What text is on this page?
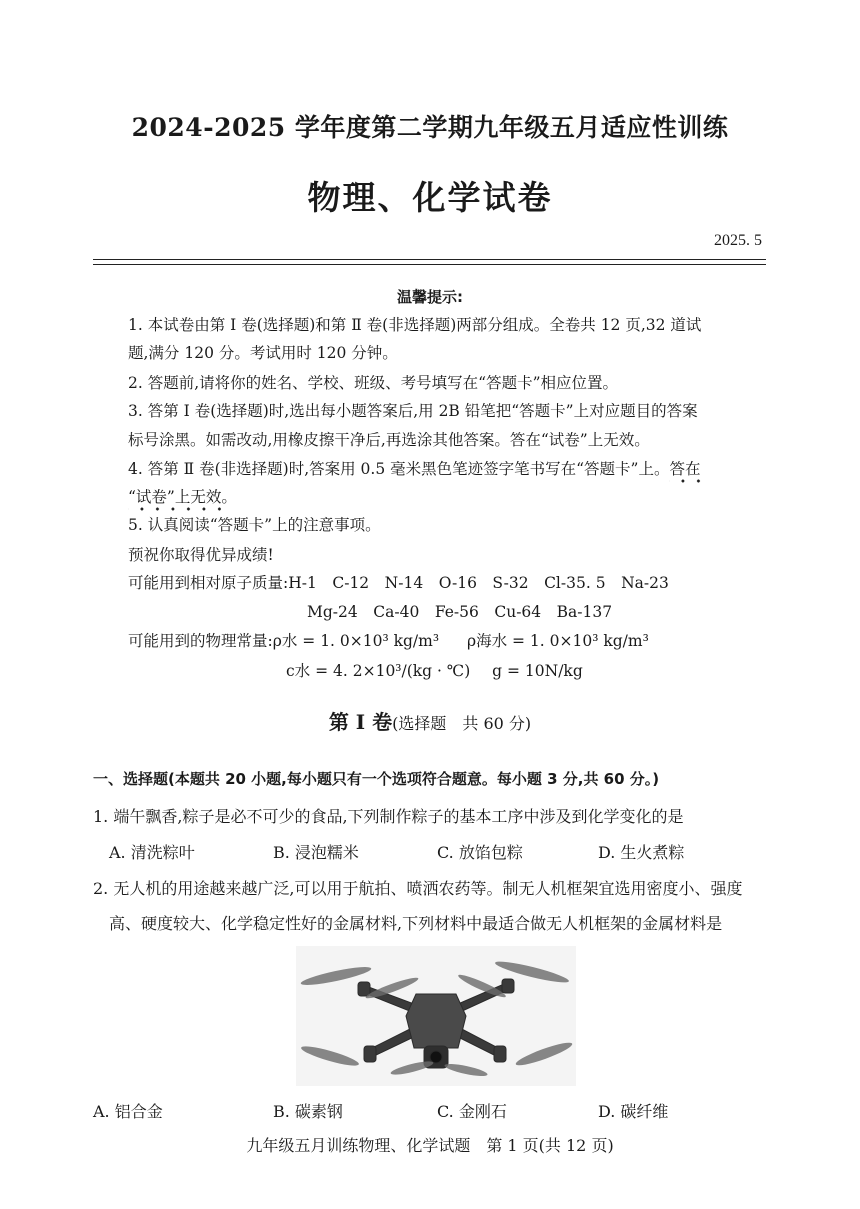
2024-2025 学年度第二学期九年级五月适应性训练
物理、化学试卷
2025. 5
温馨提示:
1. 本试卷由第 Ⅰ 卷(选择题)和第 Ⅱ 卷(非选择题)两部分组成。全卷共 12 页,32 道试
题,满分 120 分。考试用时 120 分钟。
2. 答题前,请将你的姓名、学校、班级、考号填写在“答题卡”相应位置。
3. 答第 Ⅰ 卷(选择题)时,选出每小题答案后,用 2B 铅笔把“答题卡”上对应题目的答案
标号涂黑。如需改动,用橡皮擦干净后,再选涂其他答案。答在“试卷”上无效。
4. 答第 Ⅱ 卷(非选择题)时,答案用 0.5 毫米黑色笔迹签字笔书写在“答题卡”上。答在
“试卷”上无效。
5. 认真阅读“答题卡”上的注意事项。
预祝你取得优异成绩!
可能用到相对原子质量:H-1　C-12　N-14　O-16　S-32　Cl-35. 5　Na-23
Mg-24　Ca-40　Fe-56　Cu-64　Ba-137
可能用到的物理常量:ρ水 = 1. 0×10³ kg/m³ ρ海水 = 1. 0×10³ kg/m³
c水 = 4. 2×10³/(kg · ℃) g = 10N/kg
第 Ⅰ 卷(选择题　共 60 分)
一、选择题(本题共 20 小题,每小题只有一个选项符合题意。每小题 3 分,共 60 分。)
1. 端午飘香,粽子是必不可少的食品,下列制作粽子的基本工序中涉及到化学变化的是
A. 清洗粽叶	B. 浸泡糯米	C. 放馅包粽	D. 生火煮粽
2. 无人机的用途越来越广泛,可以用于航拍、喷洒农药等。制无人机框架宜选用密度小、强度
高、硬度较大、化学稳定性好的金属材料,下列材料中最适合做无人机框架的金属材料是
A. 铝合金	B. 碳素钢	C. 金刚石	D. 碳纤维
九年级五月训练物理、化学试题　第 1 页(共 12 页)
